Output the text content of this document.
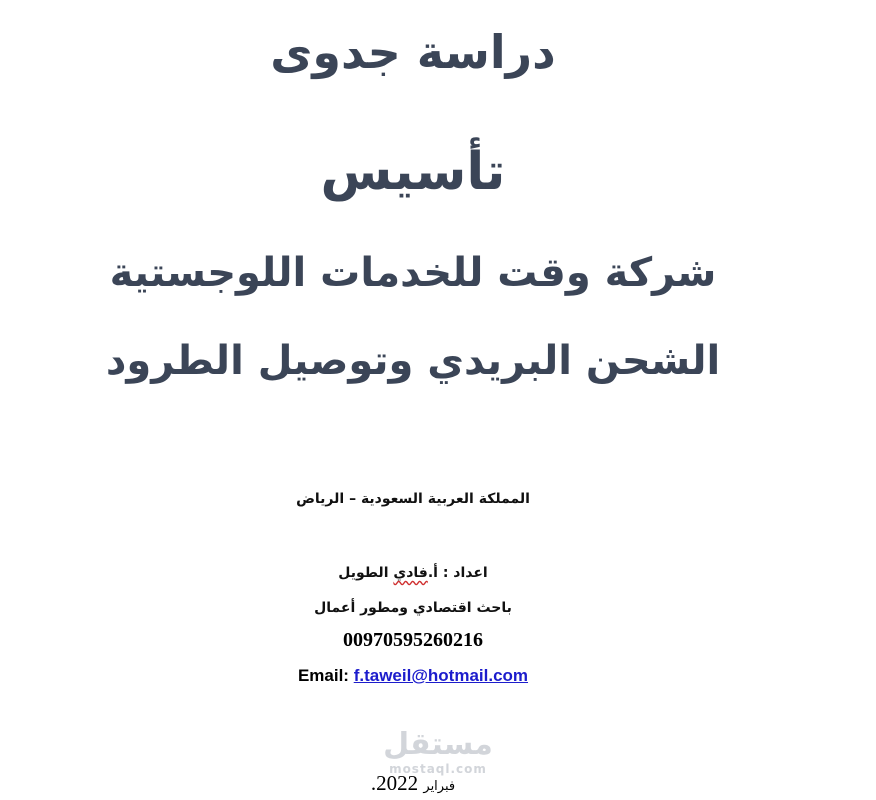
دراسة جدوى
تأسيس
شركة وقت للخدمات اللوجستية
الشحن البريدي وتوصيل الطرود
المملكة العربية السعودية – الرياض
اعداد : أ.فادي الطويل
باحث اقتصادي ومطور أعمال
00970595260216
Email: f.taweil@hotmail.com
مستقل
mostaql.com
فبراير 2022.
